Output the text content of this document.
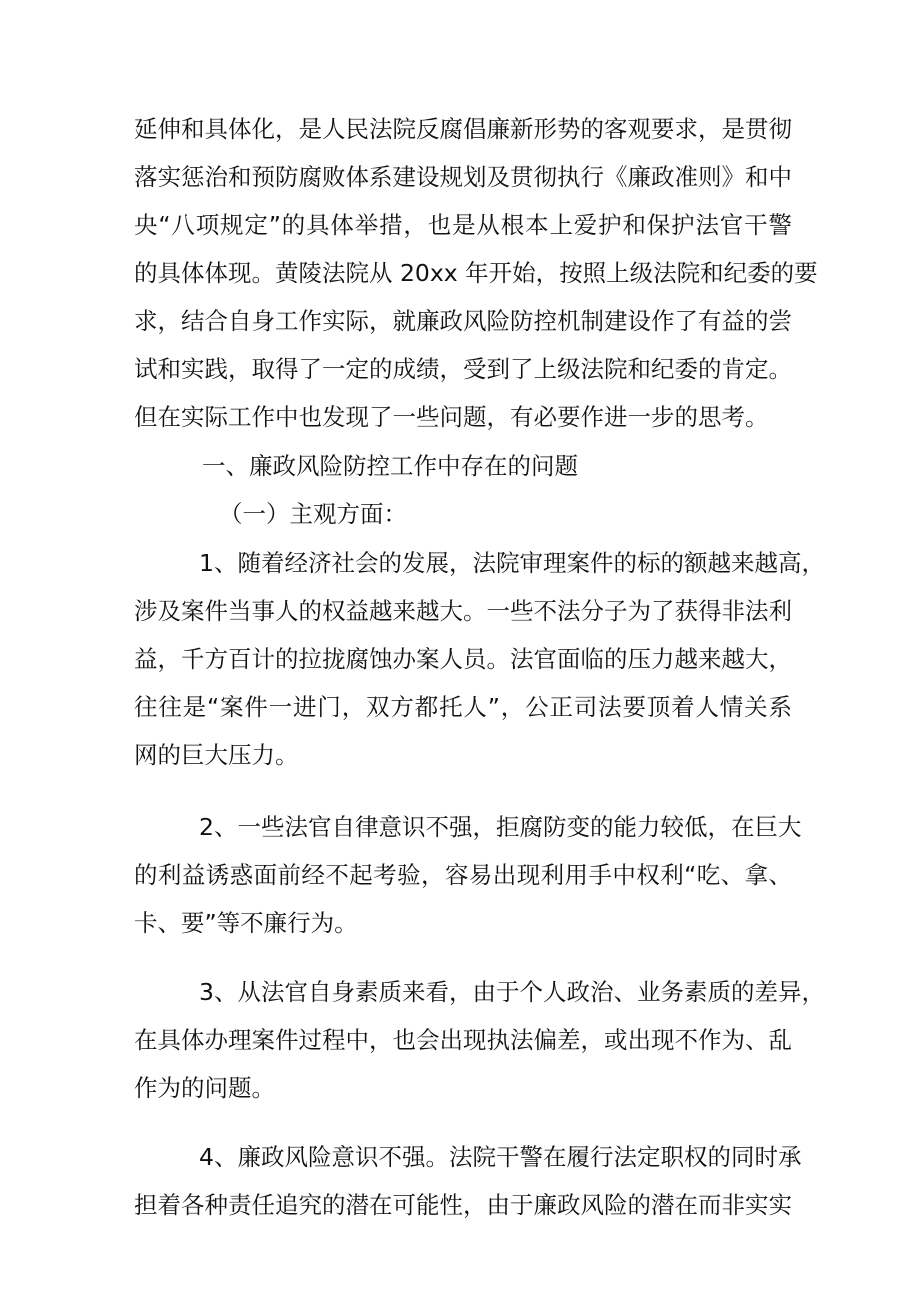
延伸和具体化，是人民法院反腐倡廉新形势的客观要求，是贯彻
落实惩治和预防腐败体系建设规划及贯彻执行《廉政准则》和中
央“八项规定”的具体举措，也是从根本上爱护和保护法官干警
的具体体现。黄陵法院从 20xx 年开始，按照上级法院和纪委的要
求，结合自身工作实际，就廉政风险防控机制建设作了有益的尝
试和实践，取得了一定的成绩，受到了上级法院和纪委的肯定。
但在实际工作中也发现了一些问题，有必要作进一步的思考。
一、廉政风险防控工作中存在的问题
（一）主观方面：
1、随着经济社会的发展，法院审理案件的标的额越来越高，
涉及案件当事人的权益越来越大。一些不法分子为了获得非法利
益，千方百计的拉拢腐蚀办案人员。法官面临的压力越来越大，
往往是“案件一进门，双方都托人”，公正司法要顶着人情关系
网的巨大压力。
2、一些法官自律意识不强，拒腐防变的能力较低，在巨大
的利益诱惑面前经不起考验，容易出现利用手中权利“吃、拿、
卡、要”等不廉行为。
3、从法官自身素质来看，由于个人政治、业务素质的差异，
在具体办理案件过程中，也会出现执法偏差，或出现不作为、乱
作为的问题。
4、廉政风险意识不强。法院干警在履行法定职权的同时承
担着各种责任追究的潜在可能性，由于廉政风险的潜在而非实实
